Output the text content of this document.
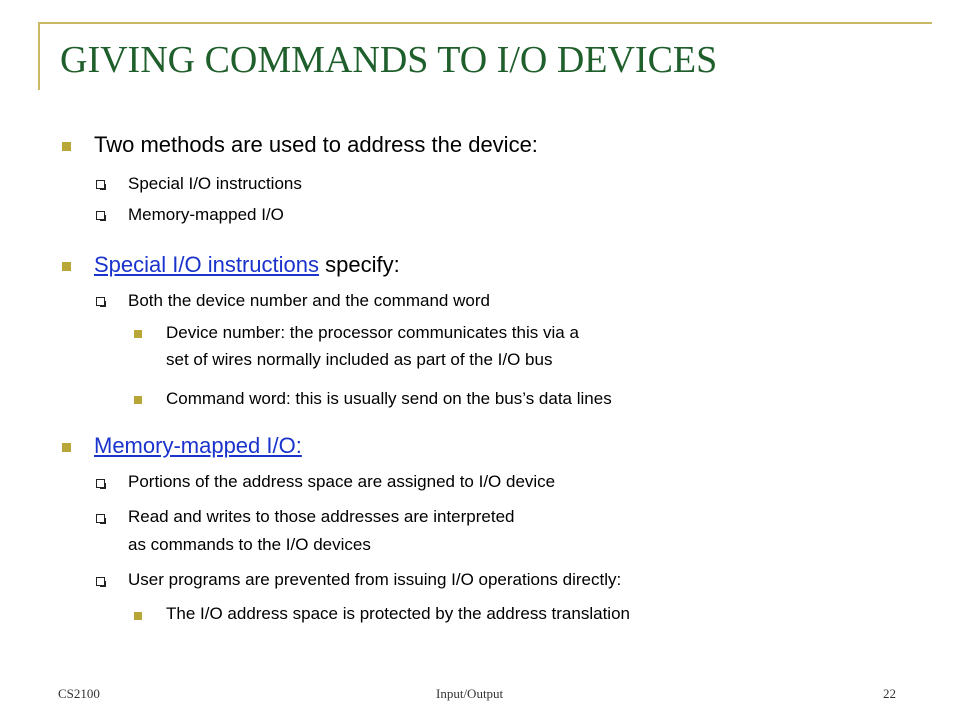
GIVING COMMANDS TO I/O DEVICES
Two methods are used to address the device:
Special I/O instructions
Memory-mapped I/O
Special I/O instructions specify:
Both the device number and the command word
Device number: the processor communicates this via a
set of wires normally included as part of the I/O bus
Command word: this is usually send on the bus’s data lines
Memory-mapped I/O:
Portions of the address space are assigned to I/O device
Read and writes to those addresses are interpreted
as commands to the I/O devices
User programs are prevented from issuing I/O operations directly:
The I/O address space is protected by the address translation
CS2100	Input/Output	22
